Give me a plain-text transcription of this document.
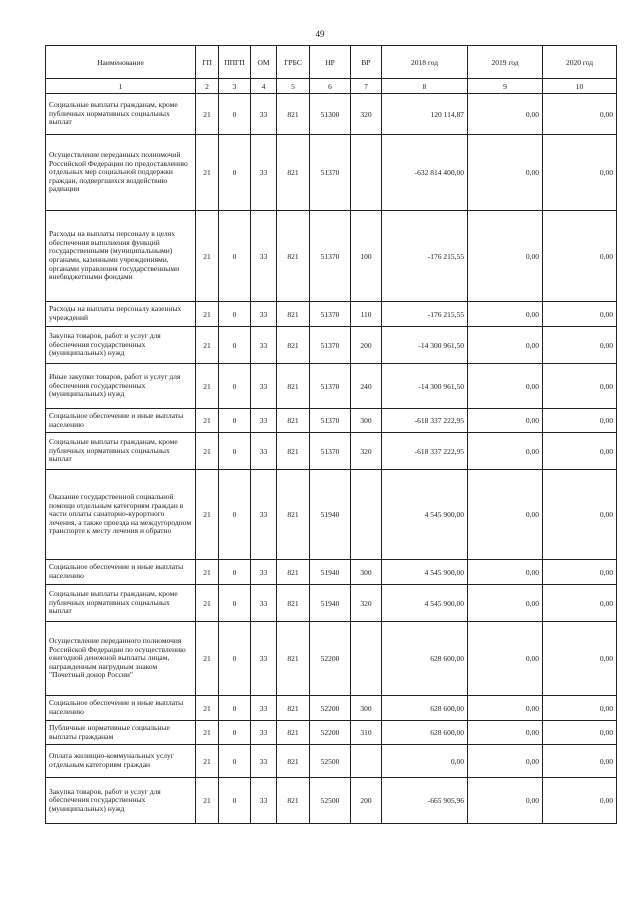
49
Наименование	ГП	ППГП	ОМ	ГРБС	НР	ВР	2018 год	2019 год	2020 год
1	2	3	4	5	6	7	8	9	10
Социальные выплаты гражданам, кроме публичных нормативных социальных выплат	21	0	33	821	51300	320	120 114,87	0,00	0,00
Осуществление переданных полномочий Российской Федерации по предоставлению отдельных мер социальной поддержки граждан, подвергшихся воздействию радиации	21	0	33	821	51370		-632 814 400,00	0,00	0,00
Расходы на выплаты персоналу в целях обеспечения выполнения функций государственными (муниципальными) органами, казенными учреждениями, органами управления государственными внебюджетными фондами	21	0	33	821	51370	100	-176 215,55	0,00	0,00
Расходы на выплаты персоналу казенных учреждений	21	0	33	821	51370	110	-176 215,55	0,00	0,00
Закупка товаров, работ и услуг для обеспечения государственных (муниципальных) нужд	21	0	33	821	51370	200	-14 300 961,50	0,00	0,00
Иные закупки товаров, работ и услуг для обеспечения государственных (муниципальных) нужд	21	0	33	821	51370	240	-14 300 961,50	0,00	0,00
Социальное обеспечение и иные выплаты населению	21	0	33	821	51370	300	-618 337 222,95	0,00	0,00
Социальные выплаты гражданам, кроме публичных нормативных социальных выплат	21	0	33	821	51370	320	-618 337 222,95	0,00	0,00
Оказание государственной социальной помощи отдельным категориям граждан в части оплаты санаторно-курортного лечения, а также проезда на междугородном транспорте к месту лечения и обратно	21	0	33	821	51940		4 545 900,00	0,00	0,00
Социальное обеспечение и иные выплаты населению	21	0	33	821	51940	300	4 545 900,00	0,00	0,00
Социальные выплаты гражданам, кроме публичных нормативных социальных выплат	21	0	33	821	51940	320	4 545 900,00	0,00	0,00
Осуществление переданного полномочия Российской Федерации по осуществлению ежегодной денежной выплаты лицам, награжденным нагрудным знаком "Почетный донор России"	21	0	33	821	52200		628 600,00	0,00	0,00
Социальное обеспечение и иные выплаты населению	21	0	33	821	52200	300	628 600,00	0,00	0,00
Публичные нормативные социальные выплаты гражданам	21	0	33	821	52200	310	628 600,00	0,00	0,00
Оплата жилищно-коммунальных услуг отдельным категориям граждан	21	0	33	821	52500		0,00	0,00	0,00
Закупка товаров, работ и услуг для обеспечения государственных (муниципальных) нужд	21	0	33	821	52500	200	-665 905,96	0,00	0,00
